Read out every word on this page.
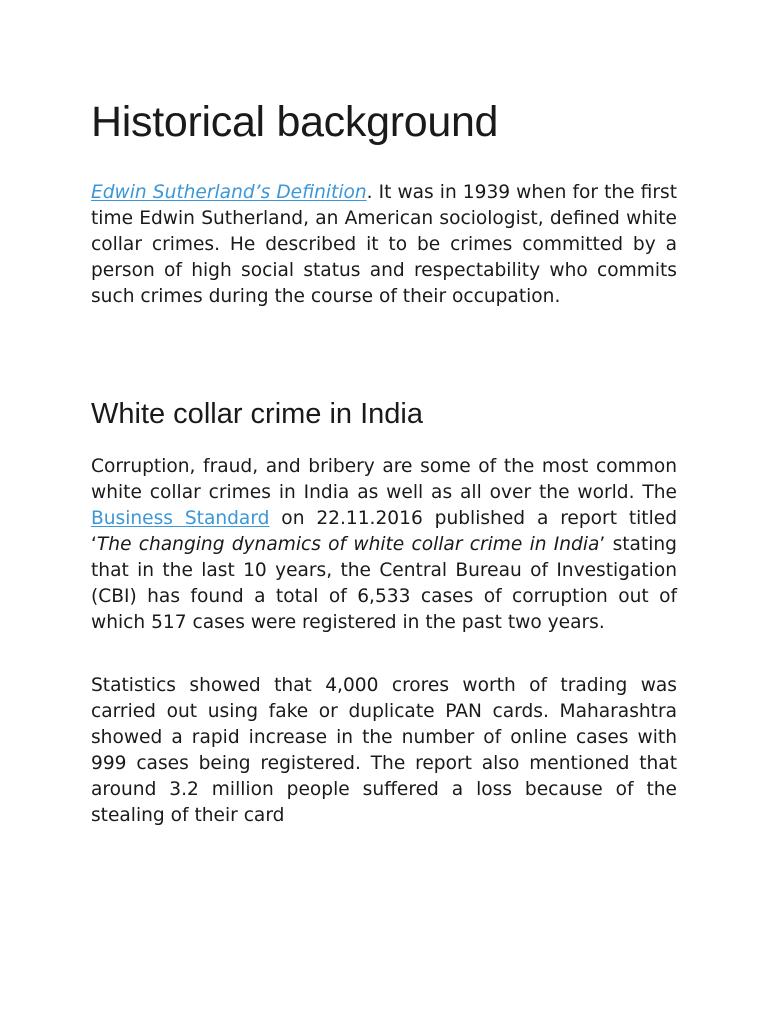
Historical background

Edwin Sutherland’s Definition. It was in 1939 when for the first time Edwin Sutherland, an American sociologist, defined white collar crimes. He described it to be crimes committed by a person of high social status and respectability who commits such crimes during the course of their occupation.

White collar crime in India

Corruption, fraud, and bribery are some of the most common white collar crimes in India as well as all over the world. The Business Standard on 22.11.2016 published a report titled ‘The changing dynamics of white collar crime in India’ stating that in the last 10 years, the Central Bureau of Investigation (CBI) has found a total of 6,533 cases of corruption out of which 517 cases were registered in the past two years.

Statistics showed that 4,000 crores worth of trading was carried out using fake or duplicate PAN cards. Maharashtra showed a rapid increase in the number of online cases with 999 cases being registered. The report also mentioned that around 3.2 million people suffered a loss because of the stealing of their card
